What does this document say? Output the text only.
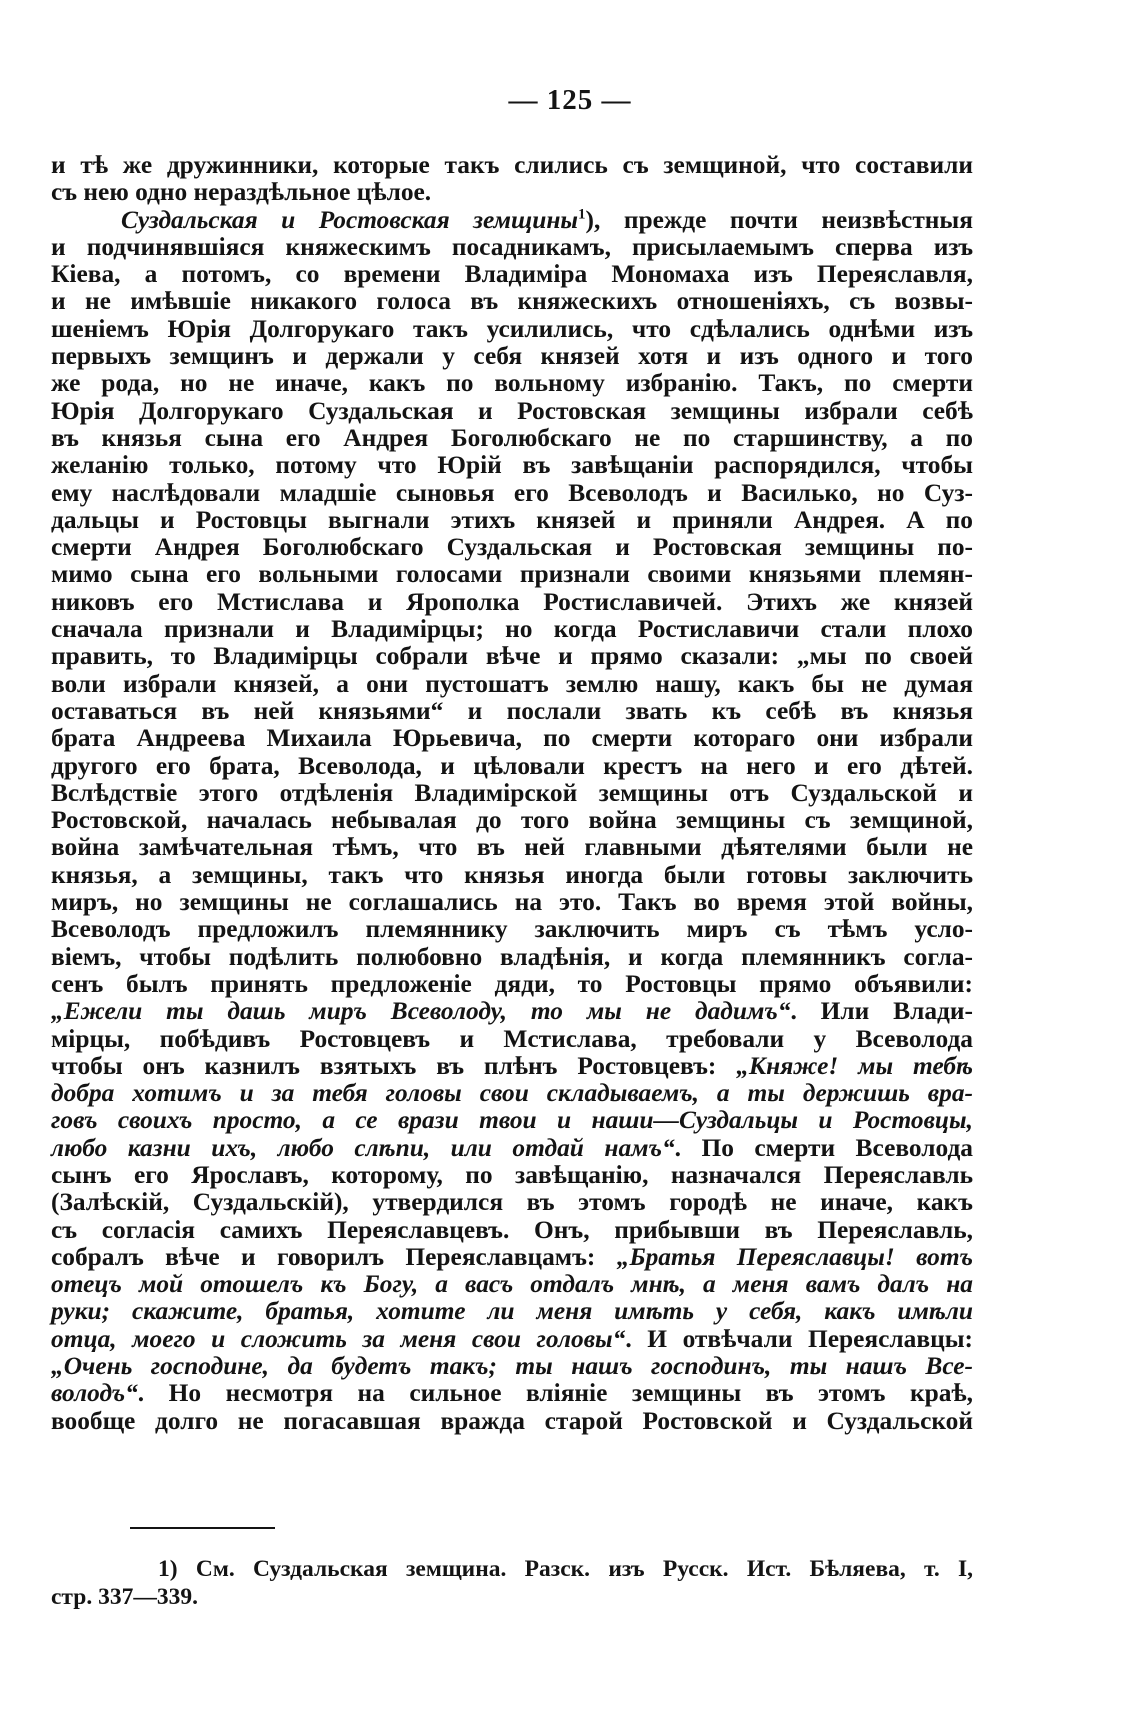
— 125 —
и тѣ же дружинники, которые такъ слились съ земщиной, что составили
съ нею одно нераздѣльное цѣлое.
Суздальская и Ростовская земщины$^1$), прежде почти неизвѣстныя
и подчинявшіяся княжескимъ посадникамъ, присылаемымъ сперва изъ
Кіева, а потомъ, со времени Владиміра Мономаха изъ Переяславля,
и не имѣвшіе никакого голоса въ княжескихъ отношеніяхъ, съ возвы-
шеніемъ Юрія Долгорукаго такъ усилились, что сдѣлались однѣми изъ
первыхъ земщинъ и держали у себя князей хотя и изъ одного и того
же рода, но не иначе, какъ по вольному избранію. Такъ, по смерти
Юрія Долгорукаго Суздальская и Ростовская земщины избрали себѣ
въ князья сына его Андрея Боголюбскаго не по старшинству, а по
желанію только, потому что Юрій въ завѣщаніи распорядился, чтобы
ему наслѣдовали младшіе сыновья его Всеволодъ и Василько, но Суз-
дальцы и Ростовцы выгнали этихъ князей и приняли Андрея. А по
смерти Андрея Боголюбскаго Суздальская и Ростовская земщины по-
мимо сына его вольными голосами признали своими князьями племян-
никовъ его Мстислава и Ярополка Ростиславичей. Этихъ же князей
сначала признали и Владимірцы; но когда Ростиславичи стали плохо
править, то Владимірцы собрали вѣче и прямо сказали: „мы по своей
воли избрали князей, а они пустошатъ землю нашу, какъ бы не думая
оставаться въ ней князьями“ и послали звать къ себѣ въ князья
брата Андреева Михаила Юрьевича, по смерти котораго они избрали
другого его брата, Всеволода, и цѣловали крестъ на него и его дѣтей.
Вслѣдствіе этого отдѣленія Владимірской земщины отъ Суздальской и
Ростовской, началась небывалая до того война земщины съ земщиной,
война замѣчательная тѣмъ, что въ ней главными дѣятелями были не
князья, а земщины, такъ что князья иногда были готовы заключить
миръ, но земщины не соглашались на это. Такъ во время этой войны,
Всеволодъ предложилъ племяннику заключить миръ съ тѣмъ усло-
віемъ, чтобы подѣлить полюбовно владѣнія, и когда племянникъ согла-
сенъ былъ принять предложеніе дяди, то Ростовцы прямо объявили:
„Ежели ты дашь миръ Всеволоду, то мы не дадимъ“. Или Влади-
мірцы, побѣдивъ Ростовцевъ и Мстислава, требовали у Всеволода
чтобы онъ казнилъ взятыхъ въ плѣнъ Ростовцевъ: „Княже! мы тебѣ
добра хотимъ и за тебя головы свои складываемъ, а ты держишь вра-
говъ своихъ просто, а се врази твои и наши—Суздальцы и Ростовцы,
любо казни ихъ, любо слѣпи, или отдай намъ“. По смерти Всеволода
сынъ его Ярославъ, которому, по завѣщанію, назначался Переяславль
(Залѣскій, Суздальскій), утвердился въ этомъ городѣ не иначе, какъ
съ согласія самихъ Переяславцевъ. Онъ, прибывши въ Переяславль,
собралъ вѣче и говорилъ Переяславцамъ: „Братья Переяславцы! вотъ
отецъ мой отошелъ къ Богу, а васъ отдалъ мнѣ, а меня вамъ далъ на
руки; скажите, братья, хотите ли меня имѣть у себя, какъ имѣли
отца, моего и сложить за меня свои головы“. И отвѣчали Переяславцы:
„Очень господине, да будетъ такъ; ты нашъ господинъ, ты нашъ Все-
володъ“. Но несмотря на сильное вліяніе земщины въ этомъ краѣ,
вообще долго не погасавшая вражда старой Ростовской и Суздальской
1) См. Суздальская земщина. Разск. изъ Русск. Ист. Бѣляева, т. I,
стр. 337—339.
